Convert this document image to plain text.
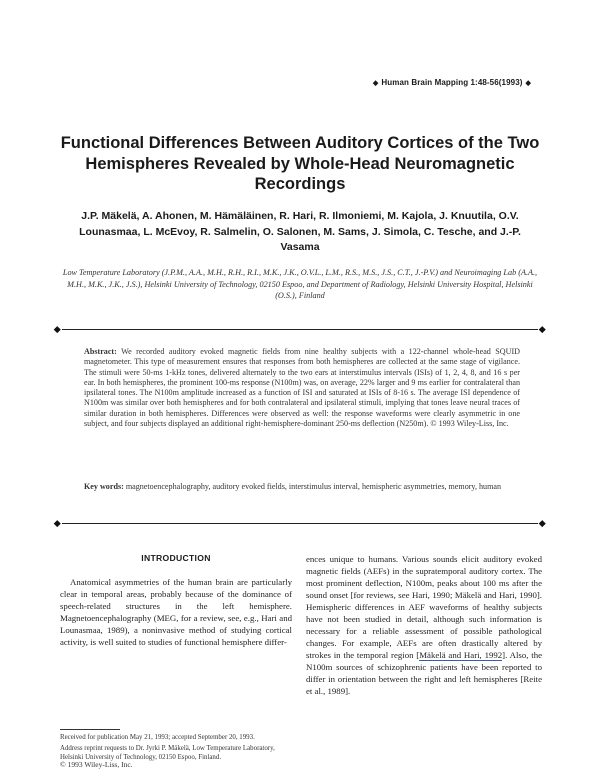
◆ Human Brain Mapping 1:48-56(1993) ◆
Functional Differences Between Auditory Cortices of the Two Hemispheres Revealed by Whole-Head Neuromagnetic Recordings
J.P. Mäkelä, A. Ahonen, M. Hämäläinen, R. Hari, R. Ilmoniemi, M. Kajola, J. Knuutila, O.V. Lounasmaa, L. McEvoy, R. Salmelin, O. Salonen, M. Sams, J. Simola, C. Tesche, and J.-P. Vasama
Low Temperature Laboratory (J.P.M., A.A., M.H., R.H., R.I., M.K., J.K., O.V.L., L.M., R.S., M.S., J.S., C.T., J.-P.V.) and Neuroimaging Lab (A.A., M.H., M.K., J.K., J.S.), Helsinki University of Technology, 02150 Espoo, and Department of Radiology, Helsinki University Hospital, Helsinki (O.S.), Finland
Abstract: We recorded auditory evoked magnetic fields from nine healthy subjects with a 122-channel whole-head SQUID magnetometer. This type of measurement ensures that responses from both hemispheres are collected at the same stage of vigilance. The stimuli were 50-ms 1-kHz tones, delivered alternately to the two ears at interstimulus intervals (ISIs) of 1, 2, 4, 8, and 16 s per ear. In both hemispheres, the prominent 100-ms response (N100m) was, on average, 22% larger and 9 ms earlier for contralateral than ipsilateral tones. The N100m amplitude increased as a function of ISI and saturated at ISIs of 8-16 s. The average ISI dependence of N100m was similar over both hemispheres and for both contralateral and ipsilateral stimuli, implying that tones leave neural traces of similar duration in both hemispheres. Differences were observed as well: the response waveforms were clearly asymmetric in one subject, and four subjects displayed an additional right-hemisphere-dominant 250-ms deflection (N250m). © 1993 Wiley-Liss, Inc.
Key words: magnetoencephalography, auditory evoked fields, interstimulus interval, hemispheric asymmetries, memory, human
INTRODUCTION

Anatomical asymmetries of the human brain are particularly clear in temporal areas, probably because of the dominance of speech-related structures in the left hemisphere. Magnetoencephalography (MEG, for a review, see, e.g., Hari and Lounasmaa, 1989), a noninvasive method of studying cortical activity, is well suited to studies of functional hemisphere differ-

ences unique to humans. Various sounds elicit auditory evoked magnetic fields (AEFs) in the supratemporal auditory cortex. The most prominent deflection, N100m, peaks about 100 ms after the sound onset [for reviews, see Hari, 1990; Mäkelä and Hari, 1990]. Hemispheric differences in AEF waveforms of healthy subjects have not been studied in detail, although such information is necessary for a reliable assessment of possible pathological changes. For example, AEFs are often drastically altered by strokes in the temporal region [Mäkelä and Hari, 1992]. Also, the N100m sources of schizophrenic patients have been reported to differ in orientation between the right and left hemispheres [Reite et al., 1989].

Received for publication May 21, 1993; accepted September 20, 1993.

Address reprint requests to Dr. Jyrki P. Mäkelä, Low Temperature Laboratory, Helsinki University of Technology, 02150 Espoo, Finland.

© 1993 Wiley-Liss, Inc.
